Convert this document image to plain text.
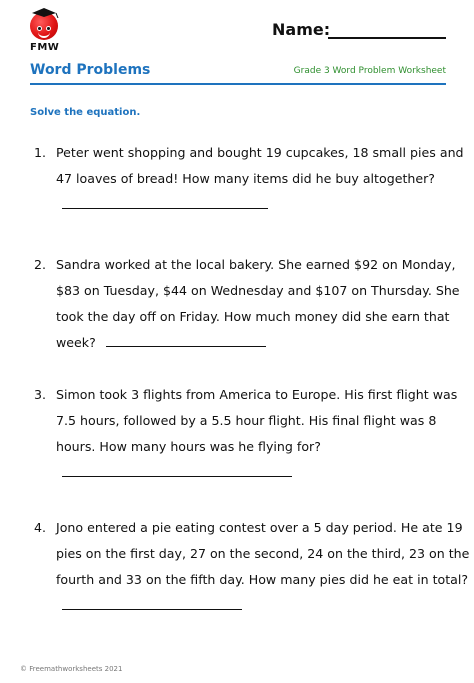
FMW
Name:
Word Problems	Grade 3 Word Problem Worksheet
Solve the equation.
1. Peter went shopping and bought 19 cupcakes, 18 small pies and 47 loaves of bread! How many items did he buy altogether?
2. Sandra worked at the local bakery. She earned $92 on Monday, $83 on Tuesday, $44 on Wednesday and $107 on Thursday. She took the day off on Friday. How much money did she earn that week?
3. Simon took 3 flights from America to Europe. His first flight was 7.5 hours, followed by a 5.5 hour flight. His final flight was 8 hours. How many hours was he flying for?
4. Jono entered a pie eating contest over a 5 day period. He ate 19 pies on the first day, 27 on the second, 24 on the third, 23 on the fourth and 33 on the fifth day. How many pies did he eat in total?
© Freemathworksheets 2021
